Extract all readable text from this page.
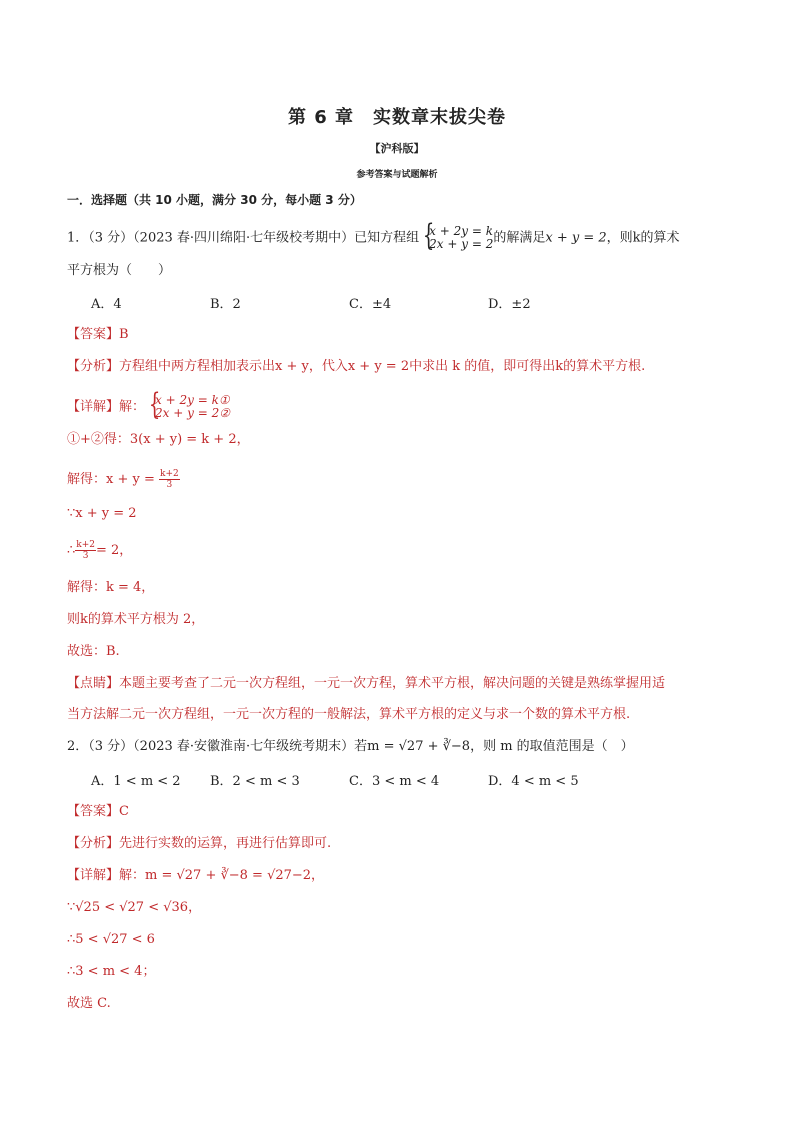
第 6 章　实数章末拔尖卷
【沪科版】
参考答案与试题解析
一．选择题（共 10 小题，满分 30 分，每小题 3 分）
1．（3 分）（2023 春·四川绵阳·七年级校考期中）已知方程组 { x + 2y = k
2x + y = 2 的解满足x + y = 2，则k的算术
平方根为（　　）
A．4	B．2	C．±4	D．±2
【答案】B
【分析】方程组中两方程相加表示出x + y，代入x + y = 2中求出 k 的值，即可得出k的算术平方根.
【详解】解： { x + 2y = k①
2x + y = 2②
①+②得：3(x + y) = k + 2，
解得：$x + y = \frac{k+2}{3}$
∵x + y = 2
∴ $\frac{k+2}{3} = 2$，
解得：k = 4，
则k的算术平方根为 2，
故选：B.
【点睛】本题主要考查了二元一次方程组，一元一次方程，算术平方根，解决问题的关键是熟练掌握用适
当方法解二元一次方程组，一元一次方程的一般解法，算术平方根的定义与求一个数的算术平方根.
2．（3 分）（2023 春·安徽淮南·七年级统考期末）若m = √27 + ∛−8，则 m 的取值范围是（　）
A．1 < m < 2 B．2 < m < 3	C．3 < m < 4	D．4 < m < 5
【答案】C
【分析】先进行实数的运算，再进行估算即可.
【详解】解：m = √27 + ∛−8 = √27−2，
∵√25 < √27 < √36，
∴5 < √27 < 6
∴3 < m < 4；
故选 C.
